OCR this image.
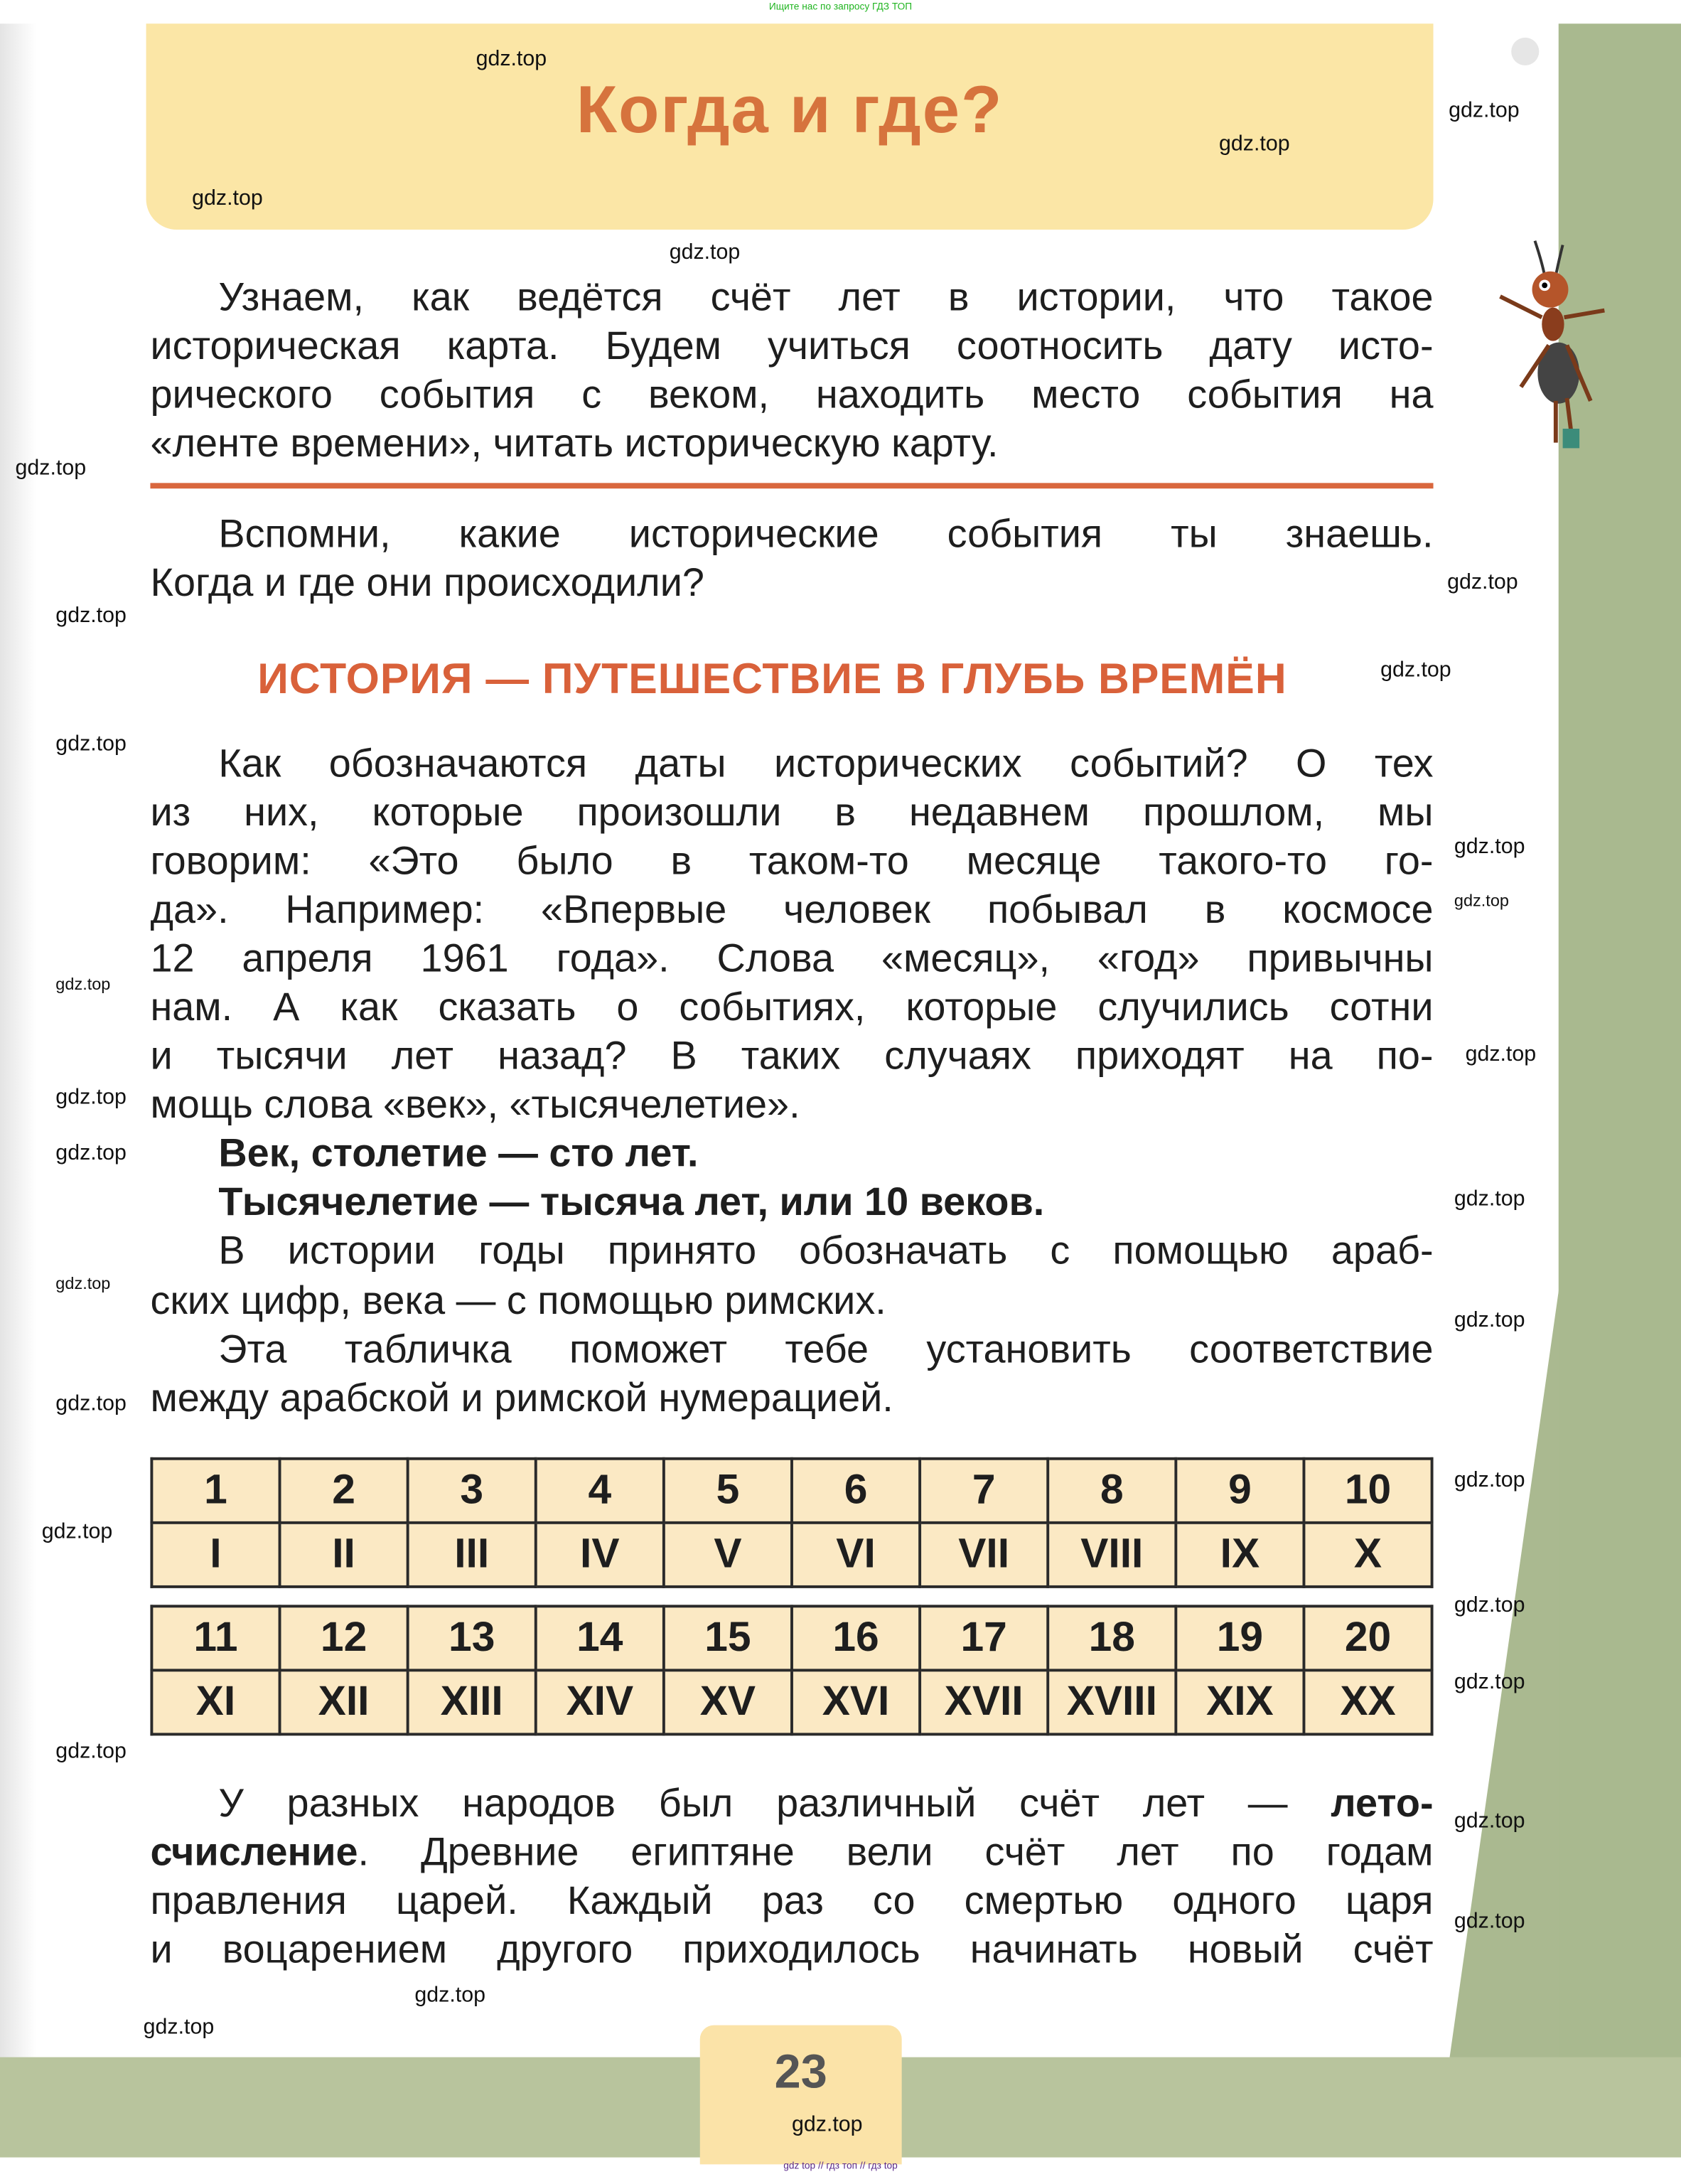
Ищите нас по запросу ГДЗ ТОП
Когда и где?
Узнаем, как ведётся счёт лет в истории, что такое
историческая карта. Будем учиться соотносить дату исто-
рического события с веком, находить место события на
«ленте времени», читать историческую карту.
Вспомни, какие исторические события ты знаешь.
Когда и где они происходили?
ИСТОРИЯ — ПУТЕШЕСТВИЕ В ГЛУБЬ ВРЕМЁН
Как обозначаются даты исторических событий? О тех
из них, которые произошли в недавнем прошлом, мы
говорим: «Это было в таком-то месяце такого-то го-
да». Например: «Впервые человек побывал в космосе
12 апреля 1961 года». Слова «месяц», «год» привычны
нам. А как сказать о событиях, которые случились сотни
и тысячи лет назад? В таких случаях приходят на по-
мощь слова «век», «тысячелетие».
Век, столетие — сто лет.
Тысячелетие — тысяча лет, или 10 веков.
В истории годы принято обозначать с помощью араб-
ских цифр, века — с помощью римских.
Эта табличка поможет тебе установить соответствие
между арабской и римской нумерацией.
1	2	3	4	5	6	7	8	9	10
I	II	III	IV	V	VI	VII	VIII	IX	X
11	12	13	14	15	16	17	18	19	20
XI	XII	XIII	XIV	XV	XVI	XVII	XVIII	XIX	XX
У разных народов был различный счёт лет — лето-
счисление. Древние египтяне вели счёт лет по годам
правления царей. Каждый раз со смертью одного царя
и воцарением другого приходилось начинать новый счёт
23
gdz top // гдз топ // гдз top
gdz.top
gdz.top
gdz.top
gdz.top
gdz.top
gdz.top
gdz.top
gdz.top
gdz.top
gdz.top
gdz.top
gdz.top
gdz.top
gdz.top
gdz.top
gdz.top
gdz.top
gdz.top
gdz.top
gdz.top
gdz.top
gdz.top
gdz.top
gdz.top
gdz.top
gdz.top
gdz.top
gdz.top
gdz.top
gdz.top
